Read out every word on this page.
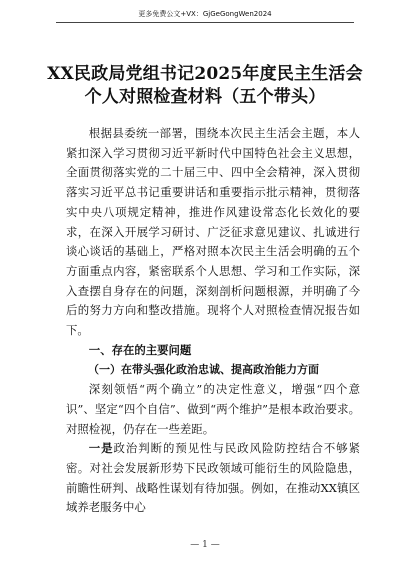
更多免费公文+VX：GjGeGongWen2024
XX民政局党组书记2025年度民主生活会
个人对照检查材料（五个带头）

根据县委统一部署，围绕本次民主生活会主题，本人紧扣深入学习贯彻习近平新时代中国特色社会主义思想，全面贯彻落实党的二十届三中、四中全会精神，深入贯彻落实习近平总书记重要讲话和重要指示批示精神，贯彻落实中央八项规定精神，推进作风建设常态化长效化的要求，在深入开展学习研讨、广泛征求意见建议、扎诚进行谈心谈话的基础上，严格对照本次民主生活会明确的五个方面重点内容，紧密联系个人思想、学习和工作实际，深入查摆自身存在的问题，深刻剖析问题根源，并明确了今后的努力方向和整改措施。现将个人对照检查情况报告如下。

一、存在的主要问题

（一）在带头强化政治忠诚、提高政治能力方面

深刻领悟“两个确立”的决定性意义，增强“四个意识”、坚定“四个自信”、做到“两个维护”是根本政治要求。对照检视，仍存在一些差距。

一是政治判断的预见性与民政风险防控结合不够紧密。对社会发展新形势下民政领域可能衍生的风险隐患，前瞻性研判、战略性谋划有待加强。例如，在推动XX镇区域养老服务中心

— 1 —
